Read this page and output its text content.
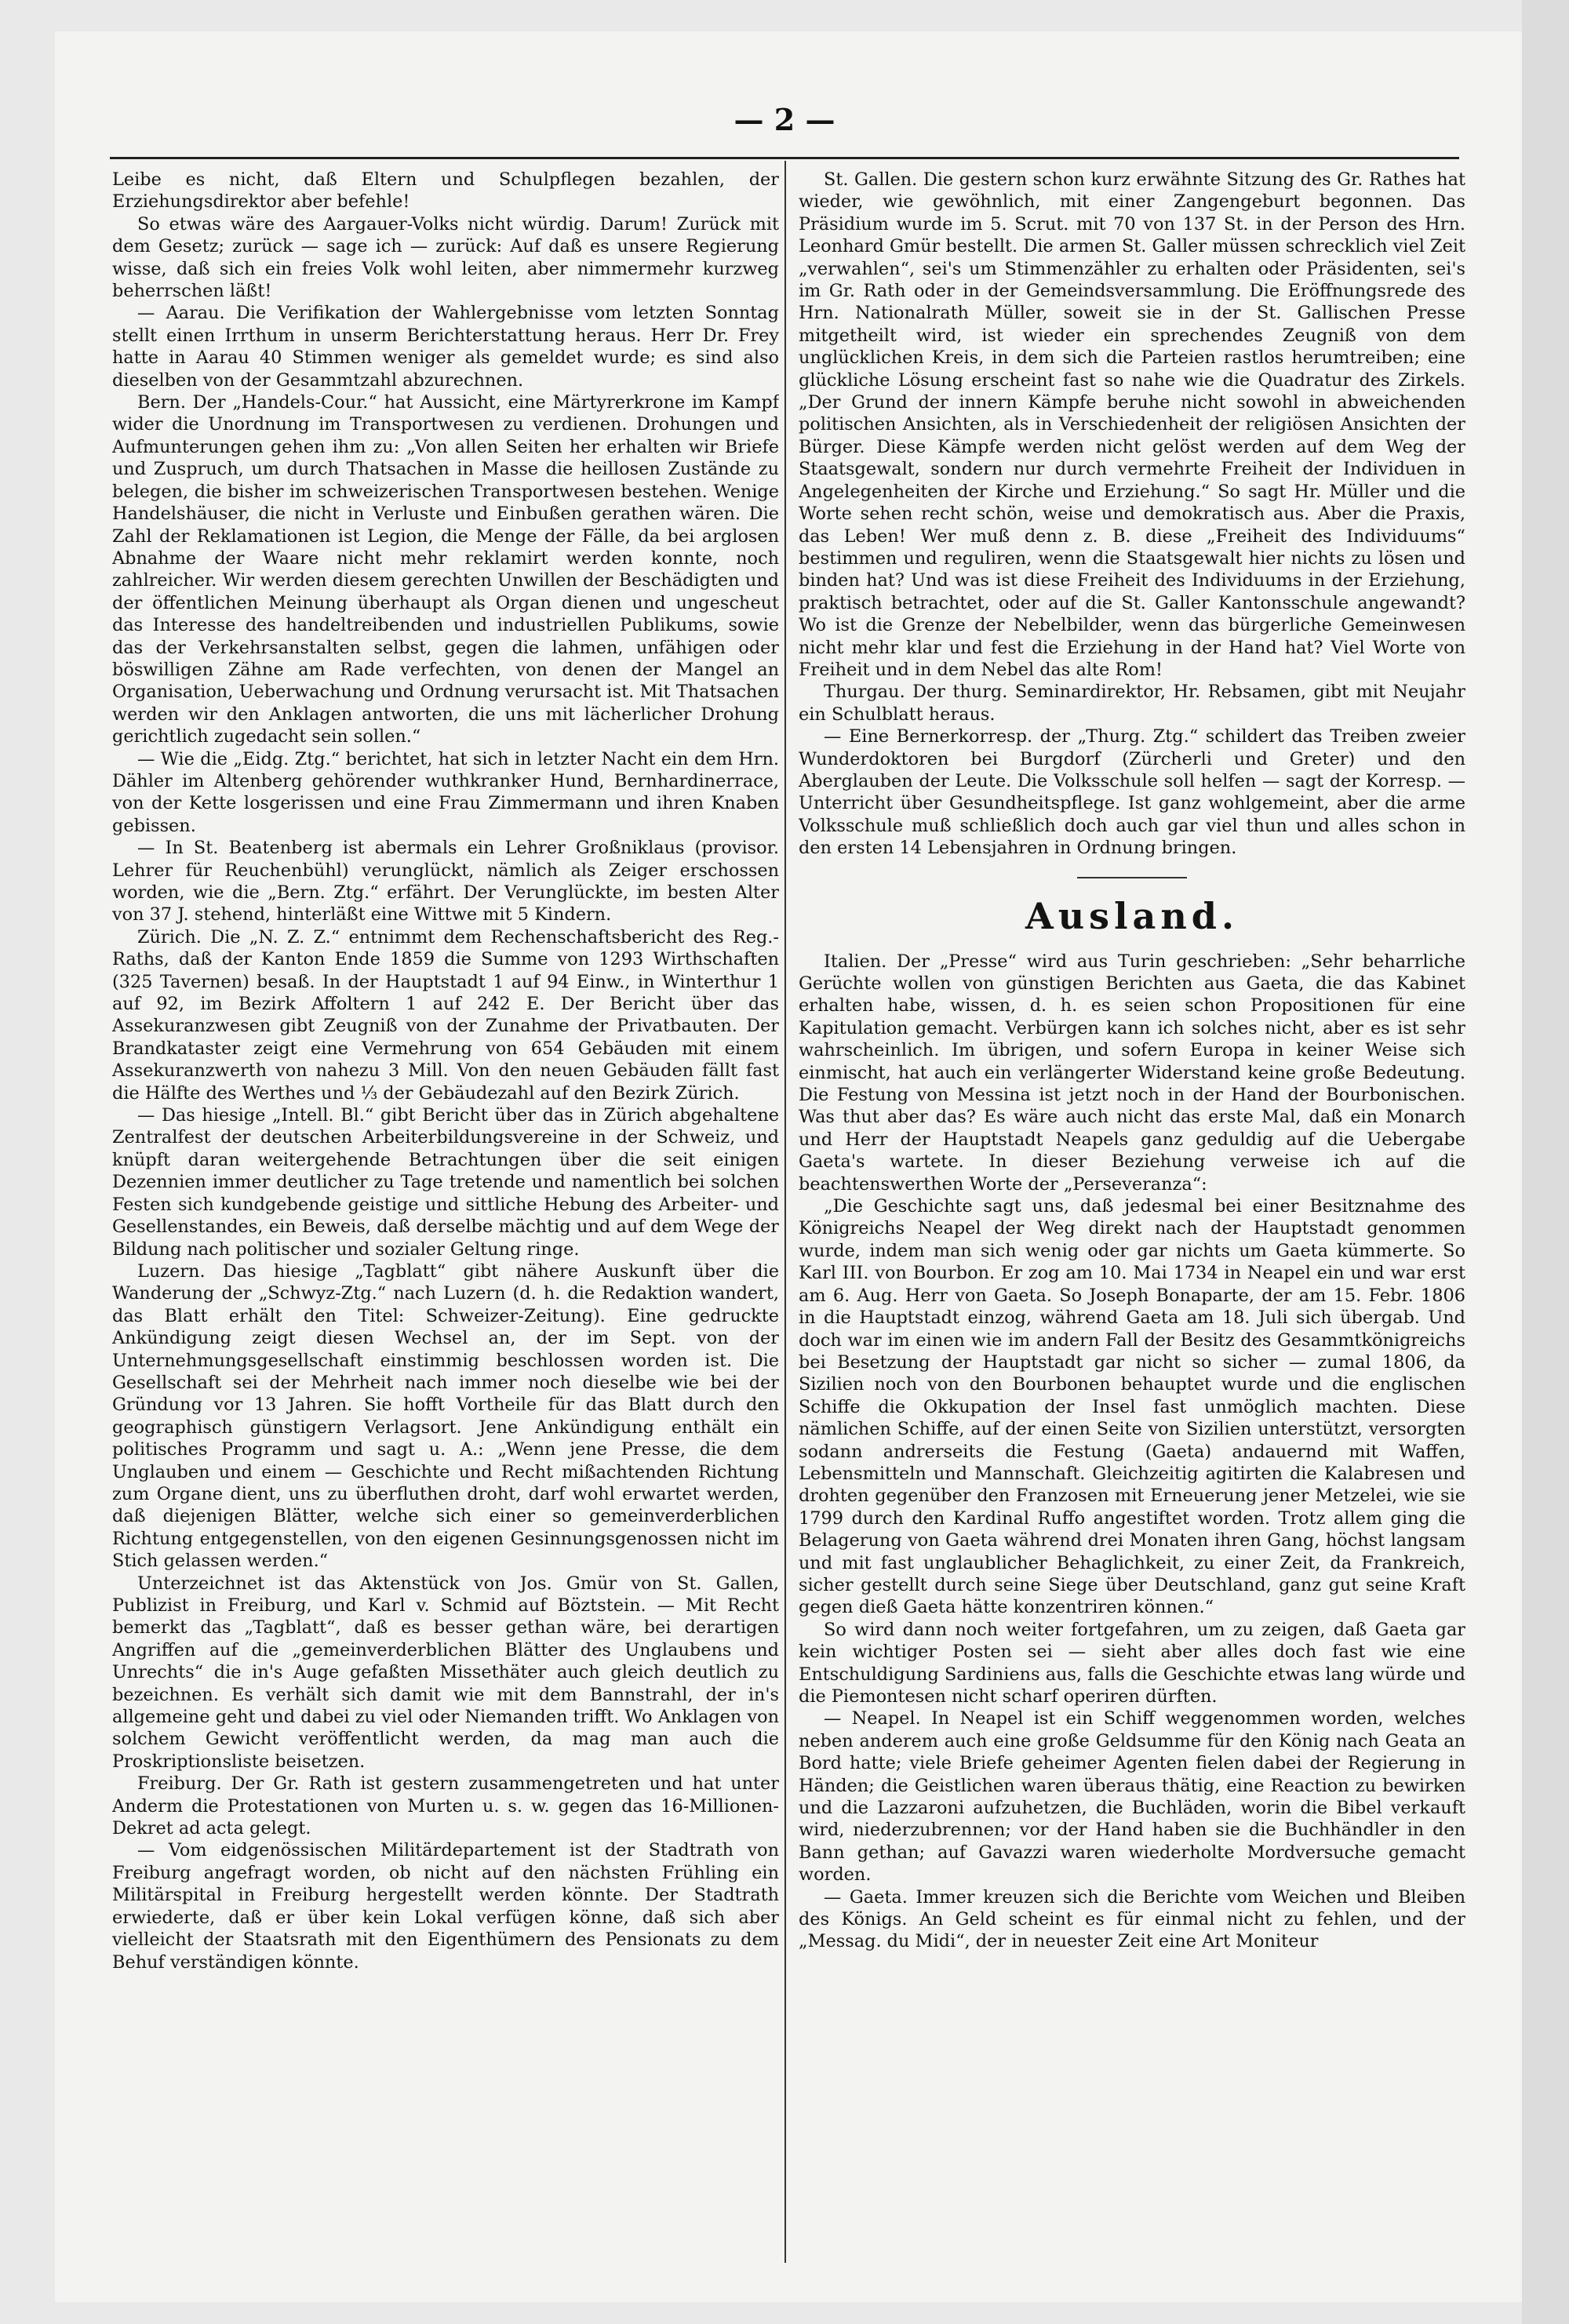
— 2 —

Leibe es nicht, daß Eltern und Schulpflegen bezahlen, der Erziehungsdirektor aber befehle!

So etwas wäre des Aargauer-Volks nicht würdig. Darum! Zurück mit dem Gesetz; zurück — sage ich — zurück: Auf daß es unsere Regierung wisse, daß sich ein freies Volk wohl leiten, aber nimmermehr kurzweg beherrschen läßt!

— Aarau. Die Verifikation der Wahlergebnisse vom letzten Sonntag stellt einen Irrthum in unserm Berichterstattung heraus. Herr Dr. Frey hatte in Aarau 40 Stimmen weniger als gemeldet wurde; es sind also dieselben von der Gesammtzahl abzurechnen.

Bern. Der „Handels-Cour.“ hat Aussicht, eine Märtyrerkrone im Kampf wider die Unordnung im Transportwesen zu verdienen. Drohungen und Aufmunterungen gehen ihm zu: „Von allen Seiten her erhalten wir Briefe und Zuspruch, um durch Thatsachen in Masse die heillosen Zustände zu belegen, die bisher im schweizerischen Transportwesen bestehen. Wenige Handelshäuser, die nicht in Verluste und Einbußen gerathen wären. Die Zahl der Reklamationen ist Legion, die Menge der Fälle, da bei arglosen Abnahme der Waare nicht mehr reklamirt werden konnte, noch zahlreicher. Wir werden diesem gerechten Unwillen der Beschädigten und der öffentlichen Meinung überhaupt als Organ dienen und ungescheut das Interesse des handeltreibenden und industriellen Publikums, sowie das der Verkehrsanstalten selbst, gegen die lahmen, unfähigen oder böswilligen Zähne am Rade verfechten, von denen der Mangel an Organisation, Ueberwachung und Ordnung verursacht ist. Mit Thatsachen werden wir den Anklagen antworten, die uns mit lächerlicher Drohung gerichtlich zugedacht sein sollen.“

— Wie die „Eidg. Ztg.“ berichtet, hat sich in letzter Nacht ein dem Hrn. Dähler im Altenberg gehörender wuthkranker Hund, Bernhardinerrace, von der Kette losgerissen und eine Frau Zimmermann und ihren Knaben gebissen.

— In St. Beatenberg ist abermals ein Lehrer Großniklaus (provisor. Lehrer für Reuchenbühl) verunglückt, nämlich als Zeiger erschossen worden, wie die „Bern. Ztg.“ erfährt. Der Verunglückte, im besten Alter von 37 J. stehend, hinterläßt eine Wittwe mit 5 Kindern.

Zürich. Die „N. Z. Z.“ entnimmt dem Rechenschaftsbericht des Reg.-Raths, daß der Kanton Ende 1859 die Summe von 1293 Wirthschaften (325 Tavernen) besaß. In der Hauptstadt 1 auf 94 Einw., in Winterthur 1 auf 92, im Bezirk Affoltern 1 auf 242 E. Der Bericht über das Assekuranzwesen gibt Zeugniß von der Zunahme der Privatbauten. Der Brandkataster zeigt eine Vermehrung von 654 Gebäuden mit einem Assekuranzwerth von nahezu 3 Mill. Von den neuen Gebäuden fällt fast die Hälfte des Werthes und ⅓ der Gebäudezahl auf den Bezirk Zürich.

— Das hiesige „Intell. Bl.“ gibt Bericht über das in Zürich abgehaltene Zentralfest der deutschen Arbeiterbildungsvereine in der Schweiz, und knüpft daran weitergehende Betrachtungen über die seit einigen Dezennien immer deutlicher zu Tage tretende und namentlich bei solchen Festen sich kundgebende geistige und sittliche Hebung des Arbeiter- und Gesellenstandes, ein Beweis, daß derselbe mächtig und auf dem Wege der Bildung nach politischer und sozialer Geltung ringe.

Luzern. Das hiesige „Tagblatt“ gibt nähere Auskunft über die Wanderung der „Schwyz-Ztg.“ nach Luzern (d. h. die Redaktion wandert, das Blatt erhält den Titel: Schweizer-Zeitung). Eine gedruckte Ankündigung zeigt diesen Wechsel an, der im Sept. von der Unternehmungsgesellschaft einstimmig beschlossen worden ist. Die Gesellschaft sei der Mehrheit nach immer noch dieselbe wie bei der Gründung vor 13 Jahren. Sie hofft Vortheile für das Blatt durch den geographisch günstigern Verlagsort. Jene Ankündigung enthält ein politisches Programm und sagt u. A.: „Wenn jene Presse, die dem Unglauben und einem — Geschichte und Recht mißachtenden Richtung zum Organe dient, uns zu überfluthen droht, darf wohl erwartet werden, daß diejenigen Blätter, welche sich einer so gemeinverderblichen Richtung entgegenstellen, von den eigenen Gesinnungsgenossen nicht im Stich gelassen werden.“

Unterzeichnet ist das Aktenstück von Jos. Gmür von St. Gallen, Publizist in Freiburg, und Karl v. Schmid auf Böztstein. — Mit Recht bemerkt das „Tagblatt“, daß es besser gethan wäre, bei derartigen Angriffen auf die „gemeinverderblichen Blätter des Unglaubens und Unrechts“ die in's Auge gefaßten Missethäter auch gleich deutlich zu bezeichnen. Es verhält sich damit wie mit dem Bannstrahl, der in's allgemeine geht und dabei zu viel oder Niemanden trifft. Wo Anklagen von solchem Gewicht veröffentlicht werden, da mag man auch die Proskriptionsliste beisetzen.

Freiburg. Der Gr. Rath ist gestern zusammengetreten und hat unter Anderm die Protestationen von Murten u. s. w. gegen das 16-Millionen-Dekret ad acta gelegt.

— Vom eidgenössischen Militärdepartement ist der Stadtrath von Freiburg angefragt worden, ob nicht auf den nächsten Frühling ein Militärspital in Freiburg hergestellt werden könnte. Der Stadtrath erwiederte, daß er über kein Lokal verfügen könne, daß sich aber vielleicht der Staatsrath mit den Eigenthümern des Pensionats zu dem Behuf verständigen könnte.

St. Gallen. Die gestern schon kurz erwähnte Sitzung des Gr. Rathes hat wieder, wie gewöhnlich, mit einer Zangengeburt begonnen. Das Präsidium wurde im 5. Scrut. mit 70 von 137 St. in der Person des Hrn. Leonhard Gmür bestellt. Die armen St. Galler müssen schrecklich viel Zeit „verwahlen“, sei's um Stimmenzähler zu erhalten oder Präsidenten, sei's im Gr. Rath oder in der Gemeindsversammlung. Die Eröffnungsrede des Hrn. Nationalrath Müller, soweit sie in der St. Gallischen Presse mitgetheilt wird, ist wieder ein sprechendes Zeugniß von dem unglücklichen Kreis, in dem sich die Parteien rastlos herumtreiben; eine glückliche Lösung erscheint fast so nahe wie die Quadratur des Zirkels. „Der Grund der innern Kämpfe beruhe nicht sowohl in abweichenden politischen Ansichten, als in Verschiedenheit der religiösen Ansichten der Bürger. Diese Kämpfe werden nicht gelöst werden auf dem Weg der Staatsgewalt, sondern nur durch vermehrte Freiheit der Individuen in Angelegenheiten der Kirche und Erziehung.“ So sagt Hr. Müller und die Worte sehen recht schön, weise und demokratisch aus. Aber die Praxis, das Leben! Wer muß denn z. B. diese „Freiheit des Individuums“ bestimmen und reguliren, wenn die Staatsgewalt hier nichts zu lösen und binden hat? Und was ist diese Freiheit des Individuums in der Erziehung, praktisch betrachtet, oder auf die St. Galler Kantonsschule angewandt? Wo ist die Grenze der Nebelbilder, wenn das bürgerliche Gemeinwesen nicht mehr klar und fest die Erziehung in der Hand hat? Viel Worte von Freiheit und in dem Nebel das alte Rom!

Thurgau. Der thurg. Seminardirektor, Hr. Rebsamen, gibt mit Neujahr ein Schulblatt heraus.

— Eine Bernerkorresp. der „Thurg. Ztg.“ schildert das Treiben zweier Wunderdoktoren bei Burgdorf (Zürcherli und Greter) und den Aberglauben der Leute. Die Volksschule soll helfen — sagt der Korresp. — Unterricht über Gesundheitspflege. Ist ganz wohlgemeint, aber die arme Volksschule muß schließlich doch auch gar viel thun und alles schon in den ersten 14 Lebensjahren in Ordnung bringen.

Ausland.

Italien. Der „Presse“ wird aus Turin geschrieben: „Sehr beharrliche Gerüchte wollen von günstigen Berichten aus Gaeta, die das Kabinet erhalten habe, wissen, d. h. es seien schon Propositionen für eine Kapitulation gemacht. Verbürgen kann ich solches nicht, aber es ist sehr wahrscheinlich. Im übrigen, und sofern Europa in keiner Weise sich einmischt, hat auch ein verlängerter Widerstand keine große Bedeutung. Die Festung von Messina ist jetzt noch in der Hand der Bourbonischen. Was thut aber das? Es wäre auch nicht das erste Mal, daß ein Monarch und Herr der Hauptstadt Neapels ganz geduldig auf die Uebergabe Gaeta's wartete. In dieser Beziehung verweise ich auf die beachtenswerthen Worte der „Perseveranza“:

„Die Geschichte sagt uns, daß jedesmal bei einer Besitznahme des Königreichs Neapel der Weg direkt nach der Hauptstadt genommen wurde, indem man sich wenig oder gar nichts um Gaeta kümmerte. So Karl III. von Bourbon. Er zog am 10. Mai 1734 in Neapel ein und war erst am 6. Aug. Herr von Gaeta. So Joseph Bonaparte, der am 15. Febr. 1806 in die Hauptstadt einzog, während Gaeta am 18. Juli sich übergab. Und doch war im einen wie im andern Fall der Besitz des Gesammtkönigreichs bei Besetzung der Hauptstadt gar nicht so sicher — zumal 1806, da Sizilien noch von den Bourbonen behauptet wurde und die englischen Schiffe die Okkupation der Insel fast unmöglich machten. Diese nämlichen Schiffe, auf der einen Seite von Sizilien unterstützt, versorgten sodann andrerseits die Festung (Gaeta) andauernd mit Waffen, Lebensmitteln und Mannschaft. Gleichzeitig agitirten die Kalabresen und drohten gegenüber den Franzosen mit Erneuerung jener Metzelei, wie sie 1799 durch den Kardinal Ruffo angestiftet worden. Trotz allem ging die Belagerung von Gaeta während drei Monaten ihren Gang, höchst langsam und mit fast unglaublicher Behaglichkeit, zu einer Zeit, da Frankreich, sicher gestellt durch seine Siege über Deutschland, ganz gut seine Kraft gegen dieß Gaeta hätte konzentriren können.“

So wird dann noch weiter fortgefahren, um zu zeigen, daß Gaeta gar kein wichtiger Posten sei — sieht aber alles doch fast wie eine Entschuldigung Sardiniens aus, falls die Geschichte etwas lang würde und die Piemontesen nicht scharf operiren dürften.

— Neapel. In Neapel ist ein Schiff weggenommen worden, welches neben anderem auch eine große Geldsumme für den König nach Geata an Bord hatte; viele Briefe geheimer Agenten fielen dabei der Regierung in Händen; die Geistlichen waren überaus thätig, eine Reaction zu bewirken und die Lazzaroni aufzuhetzen, die Buchläden, worin die Bibel verkauft wird, niederzubrennen; vor der Hand haben sie die Buchhändler in den Bann gethan; auf Gavazzi waren wiederholte Mordversuche gemacht worden.

— Gaeta. Immer kreuzen sich die Berichte vom Weichen und Bleiben des Königs. An Geld scheint es für einmal nicht zu fehlen, und der „Messag. du Midi“, der in neuester Zeit eine Art Moniteur
